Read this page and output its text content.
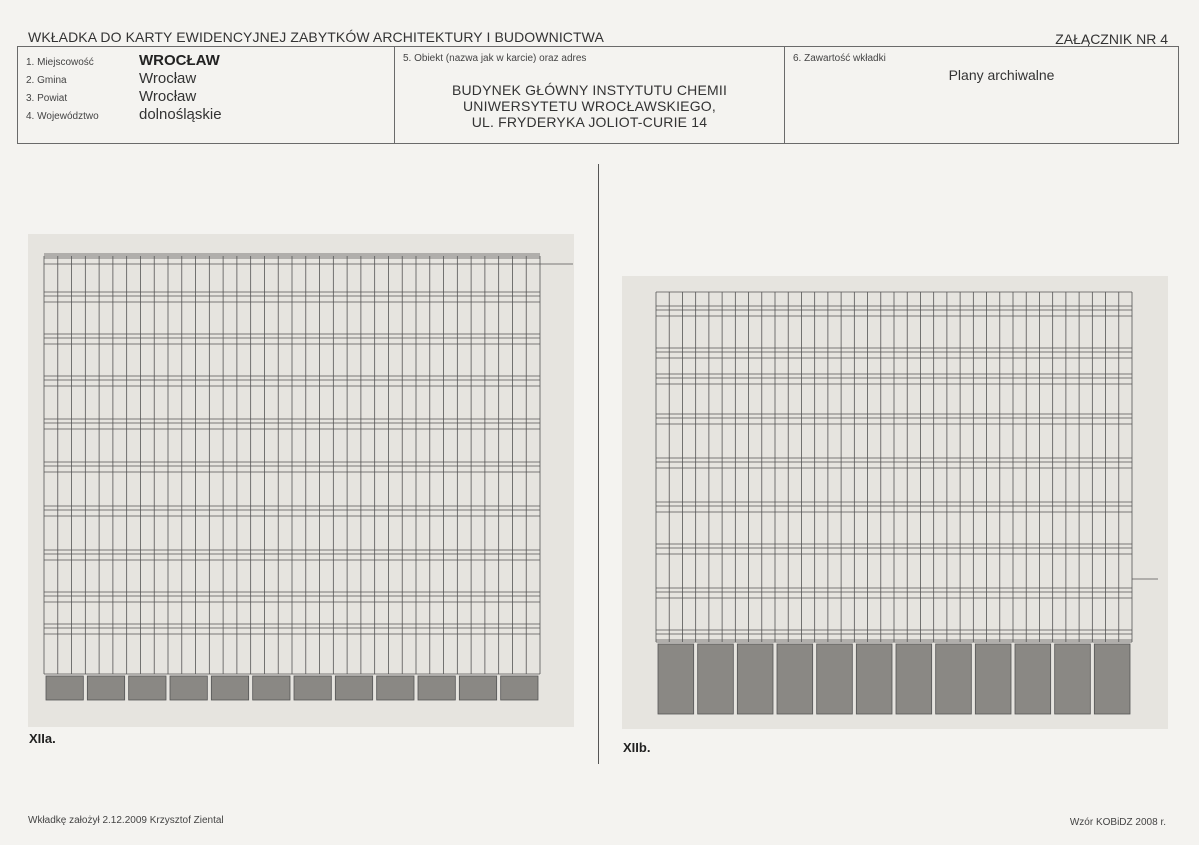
WKŁADKA DO KARTY EWIDENCYJNEJ ZABYTKÓW ARCHITEKTURY I BUDOWNICTWA	ZAŁĄCZNIK NR 4
1. Miejscowość	WROCŁAW
2. Gmina	Wrocław
3. Powiat	Wrocław
4. Województwo	dolnośląskie
5. Obiekt (nazwa jak w karcie) oraz adres
BUDYNEK GŁÓWNY INSTYTUTU CHEMII
UNIWERSYTETU WROCŁAWSKIEGO,
UL. FRYDERYKA JOLIOT-CURIE 14
6. Zawartość wkładki
Plany archiwalne
XIIa.
XIIb.
Wkładkę założył 2.12.2009 Krzysztof Ziental	Wzór KOBiDZ 2008 r.
